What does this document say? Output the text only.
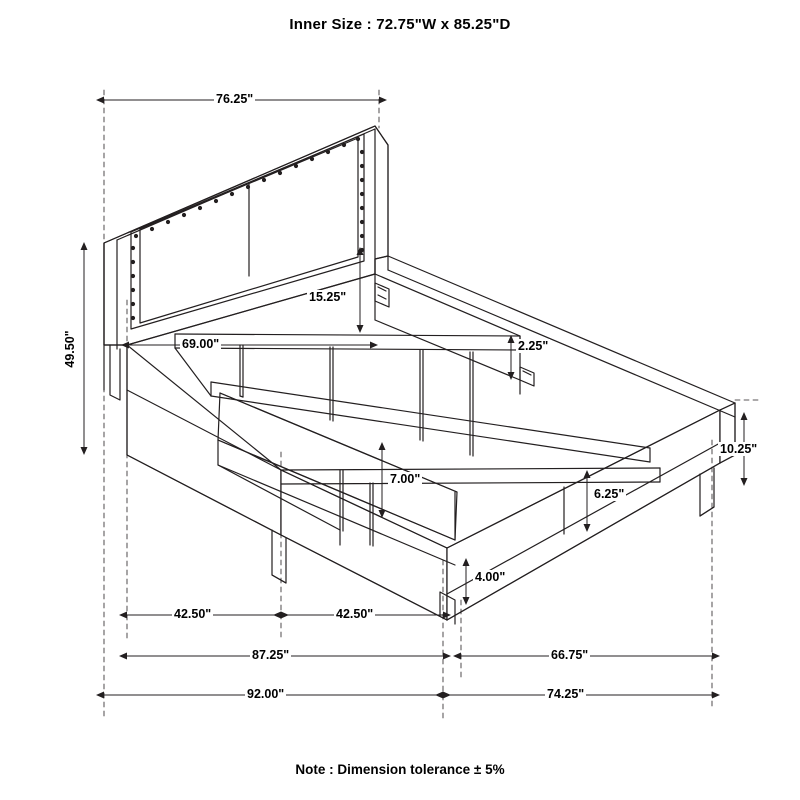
Inner Size : 72.75"W x 85.25"D
76.25"
49.50"
15.25"
69.00"	2.25"
10.25"
7.00"
6.25"
4.00"
42.50"	42.50"
87.25"	66.75"
92.00"	74.25"
Note : Dimension tolerance ± 5%
